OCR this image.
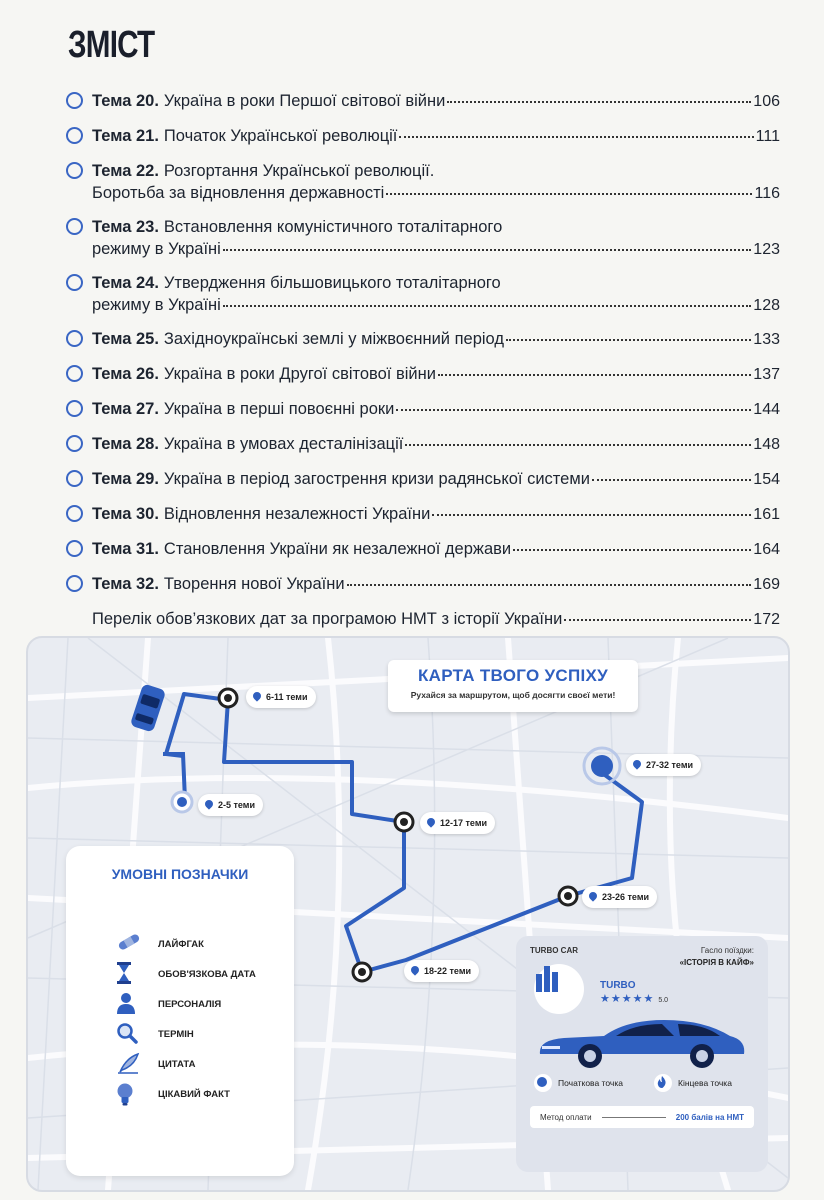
ЗМІСТ
Тема 20. Україна в роки Першої світової війни	106
Тема 21. Початок Української революції	111
Тема 22. Розгортання Української революції.
Боротьба за відновлення державності	116
Тема 23. Встановлення комуністичного тоталітарного
режиму в Україні	123
Тема 24. Утвердження більшовицького тоталітарного
режиму в Україні	128
Тема 25. Західноукраїнські землі у міжвоєнний період	133
Тема 26. Україна в роки Другої світової війни	137
Тема 27. Україна в перші повоєнні роки	144
Тема 28. Україна в умовах десталінізації	148
Тема 29. Україна в період загострення кризи радянської системи	154
Тема 30. Відновлення незалежності України	161
Тема 31. Становлення України як незалежної держави	164
Тема 32. Творення нової України	169
Перелік обов’язкових дат за програмою НМТ з історії України	172
КАРТА ТВОГО УСПІХУ
Рухайся за маршрутом, щоб досягти своєї мети!
2-5 теми
6-11 теми
12-17 теми
18-22 теми
23-26 теми
27-32 теми
УМОВНІ ПОЗНАЧКИ
ЛАЙФГАК
ОБОВ'ЯЗКОВА ДАТА
ПЕРСОНАЛІЯ
ТЕРМІН
ЦИТАТА
ЦІКАВИЙ ФАКТ
TURBO CAR	Гасло поїздки:
«ІСТОРІЯ В КАЙФ»
TURBO
★★★★★ 5.0
Початкова точка	Кінцева точка
Метод оплати	200 балів на НМТ
